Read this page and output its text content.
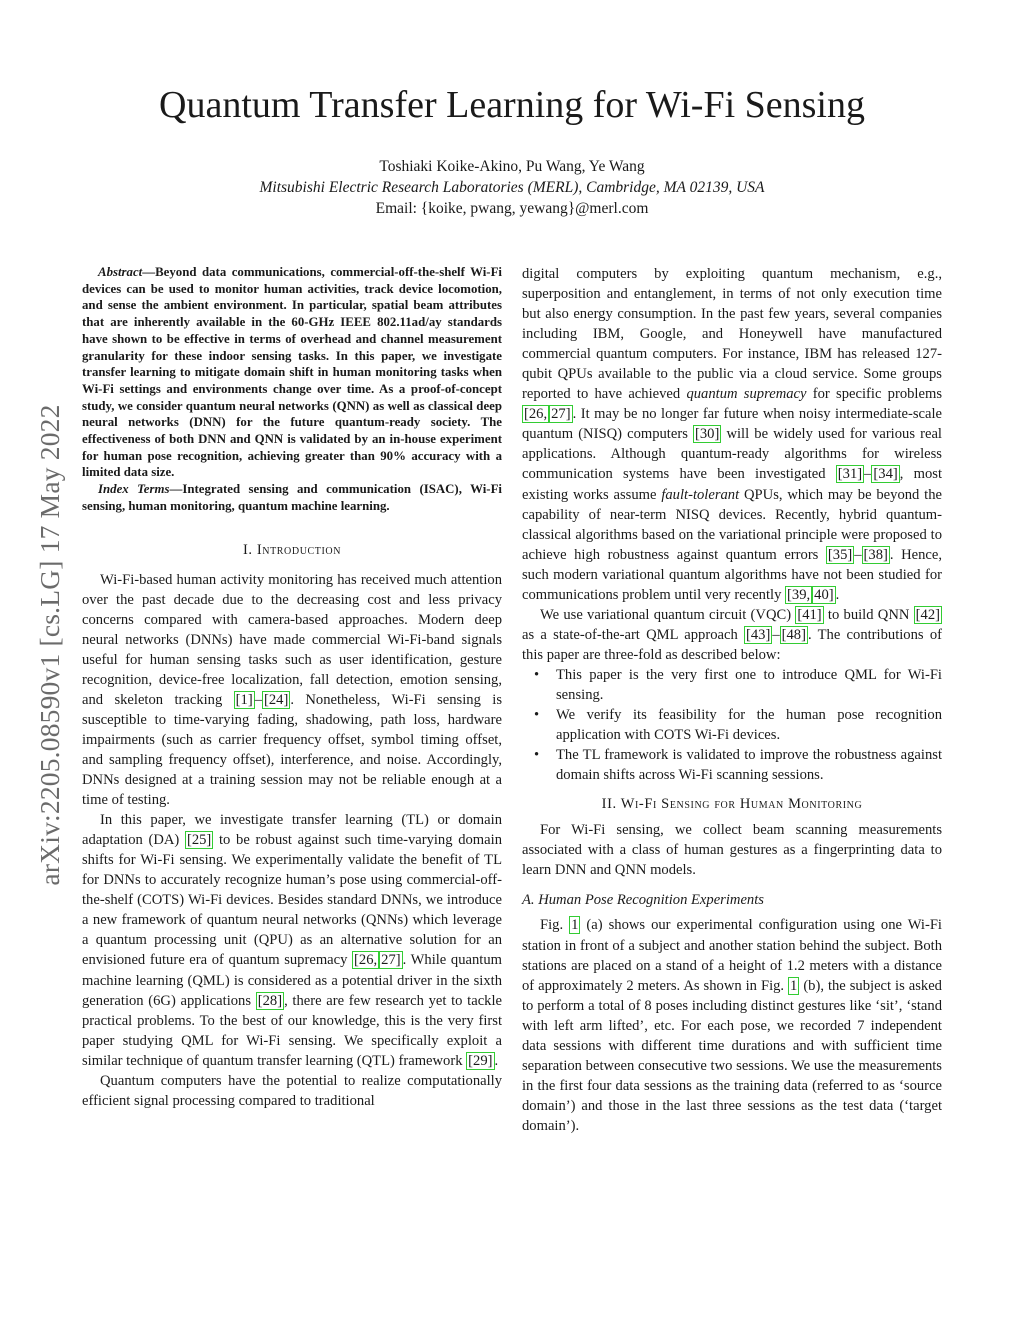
arXiv:2205.08590v1 [cs.LG] 17 May 2022
Quantum Transfer Learning for Wi-Fi Sensing
Toshiaki Koike-Akino, Pu Wang, Ye Wang
Mitsubishi Electric Research Laboratories (MERL), Cambridge, MA 02139, USA
Email: {koike, pwang, yewang}@merl.com

Abstract—Beyond data communications, commercial-off-the-shelf Wi-Fi devices can be used to monitor human activities, track device locomotion, and sense the ambient environment. In particular, spatial beam attributes that are inherently available in the 60-GHz IEEE 802.11ad/ay standards have shown to be effective in terms of overhead and channel measurement granularity for these indoor sensing tasks. In this paper, we investigate transfer learning to mitigate domain shift in human monitoring tasks when Wi-Fi settings and environments change over time. As a proof-of-concept study, we consider quantum neural networks (QNN) as well as classical deep neural networks (DNN) for the future quantum-ready society. The effectiveness of both DNN and QNN is validated by an in-house experiment for human pose recognition, achieving greater than 90% accuracy with a limited data size.

Index Terms—Integrated sensing and communication (ISAC), Wi-Fi sensing, human monitoring, quantum machine learning.

I. Introduction

Wi-Fi-based human activity monitoring has received much attention over the past decade due to the decreasing cost and less privacy concerns compared with camera-based approaches. Modern deep neural networks (DNNs) have made commercial Wi-Fi-band signals useful for human sensing tasks such as user identification, gesture recognition, device-free localization, fall detection, emotion sensing, and skeleton tracking [1] – [24] . Nonetheless, Wi-Fi sensing is susceptible to time-varying fading, shadowing, path loss, hardware impairments (such as carrier frequency offset, symbol timing offset, and sampling frequency offset), interference, and noise. Accordingly, DNNs designed at a training session may not be reliable enough at a time of testing.

In this paper, we investigate transfer learning (TL) or domain adaptation (DA) [25] to be robust against such time-varying domain shifts for Wi-Fi sensing. We experimentally validate the benefit of TL for DNNs to accurately recognize human’s pose using commercial-off-the-shelf (COTS) Wi-Fi devices. Besides standard DNNs, we introduce a new framework of quantum neural networks (QNNs) which leverage a quantum processing unit (QPU) as an alternative solution for an envisioned future era of quantum supremacy [26, 27] . While quantum machine learning (QML) is considered as a potential driver in the sixth generation (6G) applications [28] , there are few research yet to tackle practical problems. To the best of our knowledge, this is the very first paper studying QML for Wi-Fi sensing. We specifically exploit a similar technique of quantum transfer learning (QTL) framework [29] .

Quantum computers have the potential to realize computationally efficient signal processing compared to traditional

digital computers by exploiting quantum mechanism, e.g., superposition and entanglement, in terms of not only execution time but also energy consumption. In the past few years, several companies including IBM, Google, and Honeywell have manufactured commercial quantum computers. For instance, IBM has released 127-qubit QPUs available to the public via a cloud service. Some groups reported to have achieved quantum supremacy for specific problems [26, 27] . It may be no longer far future when noisy intermediate-scale quantum (NISQ) computers [30] will be widely used for various real applications. Although quantum-ready algorithms for wireless communication systems have been investigated [31] – [34] , most existing works assume fault-tolerant QPUs, which may be beyond the capability of near-term NISQ devices. Recently, hybrid quantum-classical algorithms based on the variational principle were proposed to achieve high robustness against quantum errors [35] – [38] . Hence, such modern variational quantum algorithms have not been studied for communications problem until very recently [39, 40] .

We use variational quantum circuit (VQC) [41] to build QNN [42] as a state-of-the-art QML approach [43] – [48] . The contributions of this paper are three-fold as described below:

• This paper is the very first one to introduce QML for Wi-Fi sensing.
• We verify its feasibility for the human pose recognition application with COTS Wi-Fi devices.
• The TL framework is validated to improve the robustness against domain shifts across Wi-Fi scanning sessions.
II. Wi-Fi Sensing for Human Monitoring

For Wi-Fi sensing, we collect beam scanning measurements associated with a class of human gestures as a fingerprinting data to learn DNN and QNN models.

A. Human Pose Recognition Experiments

Fig. 1 (a) shows our experimental configuration using one Wi-Fi station in front of a subject and another station behind the subject. Both stations are placed on a stand of a height of 1.2 meters with a distance of approximately 2 meters. As shown in Fig. 1 (b), the subject is asked to perform a total of 8 poses including distinct gestures like ‘sit’, ‘stand with left arm lifted’, etc. For each pose, we recorded 7 independent data sessions with different time durations and with sufficient time separation between consecutive two sessions. We use the measurements in the first four data sessions as the training data (referred to as ‘source domain’) and those in the last three sessions as the test data (‘target domain’).
